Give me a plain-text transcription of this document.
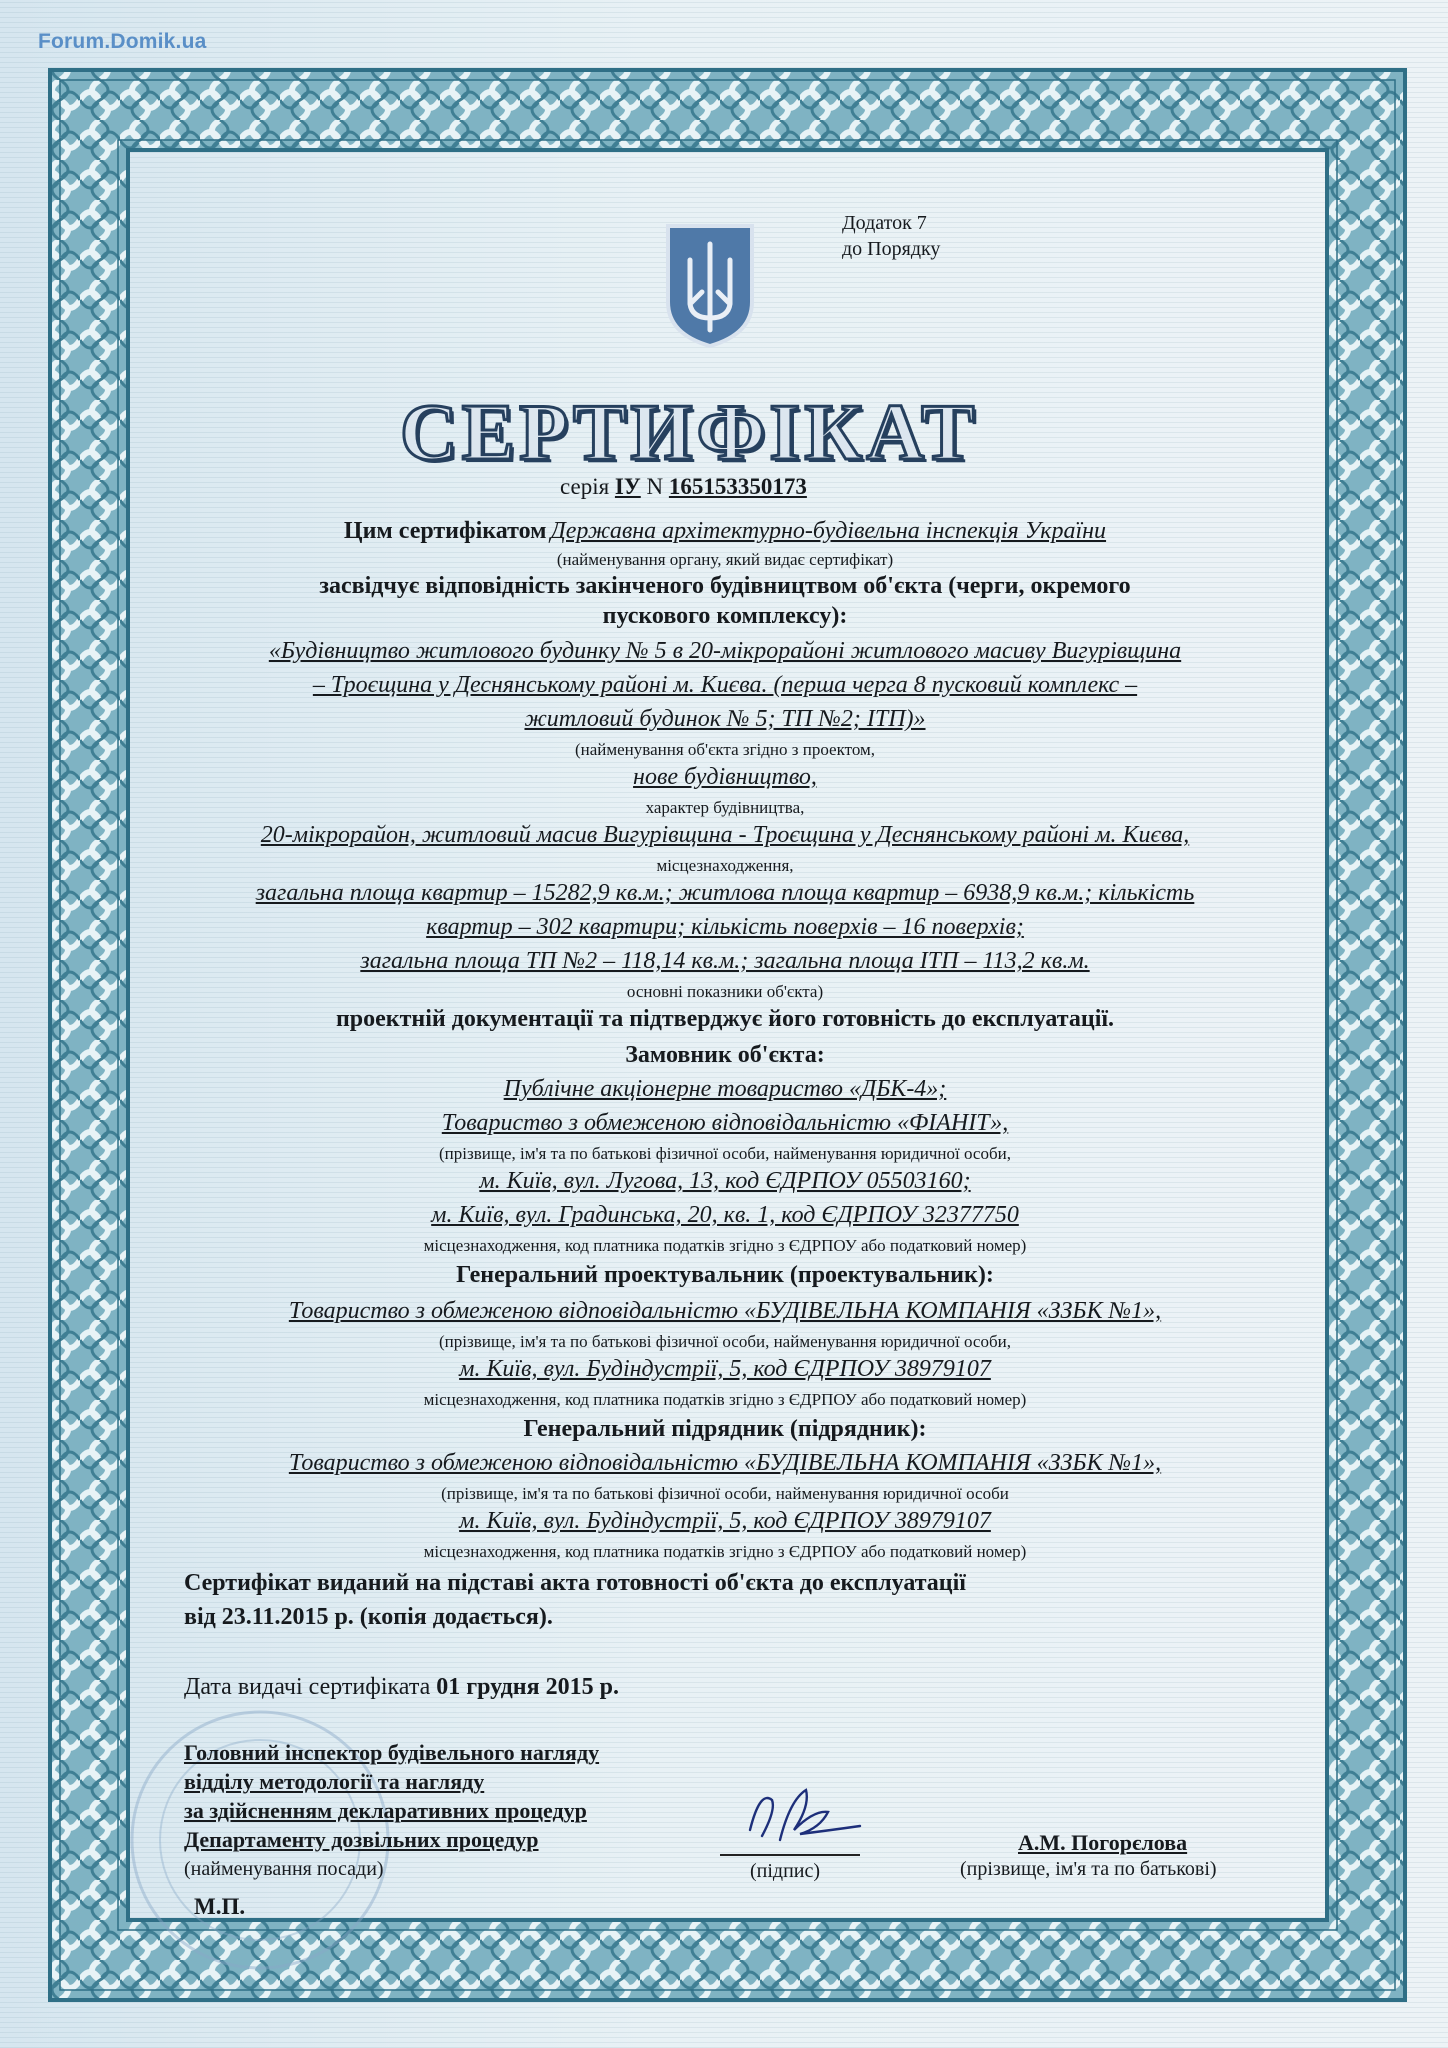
Forum.Domik.ua
Додаток 7
до Порядку
СЕРТИФІКАТ
серія ІУ N 165153350173
Цим сертифікатом Державна архітектурно-будівельна інспекція України
(найменування органу, який видає сертифікат)
засвідчує відповідність закінченого будівництвом об'єкта (черги, окремого
пускового комплексу):
«Будівництво житлового будинку № 5 в 20-мікрорайоні житлового масиву Вигурівщина
– Троєщина у Деснянському районі м. Києва. (перша черга 8 пусковий комплекс –
житловий будинок № 5; ТП №2; ІТП)»
(найменування об'єкта згідно з проектом,
нове будівництво,
характер будівництва,
20-мікрорайон, житловий масив Вигурівщина - Троєщина у Деснянському районі м. Києва,
місцезнаходження,
загальна площа квартир – 15282,9 кв.м.; житлова площа квартир – 6938,9 кв.м.; кількість
квартир – 302 квартири; кількість поверхів – 16 поверхів;
загальна площа ТП №2 – 118,14 кв.м.; загальна площа ІТП – 113,2 кв.м.
основні показники об'єкта)
проектній документації та підтверджує його готовність до експлуатації.
Замовник об'єкта:
Публічне акціонерне товариство «ДБК-4»;
Товариство з обмеженою відповідальністю «ФІАНІТ»,
(прізвище, ім'я та по батькові фізичної особи, найменування юридичної особи,
м. Київ, вул. Лугова, 13, код ЄДРПОУ 05503160;
м. Київ, вул. Градинська, 20, кв. 1, код ЄДРПОУ 32377750
місцезнаходження, код платника податків згідно з ЄДРПОУ або податковий номер)
Генеральний проектувальник (проектувальник):
Товариство з обмеженою відповідальністю «БУДІВЕЛЬНА КОМПАНІЯ «ЗЗБК №1»,
(прізвище, ім'я та по батькові фізичної особи, найменування юридичної особи,
м. Київ, вул. Будіндустрії, 5, код ЄДРПОУ 38979107
місцезнаходження, код платника податків згідно з ЄДРПОУ або податковий номер)
Генеральний підрядник (підрядник):
Товариство з обмеженою відповідальністю «БУДІВЕЛЬНА КОМПАНІЯ «ЗЗБК №1»,
(прізвище, ім'я та по батькові фізичної особи, найменування юридичної особи
м. Київ, вул. Будіндустрії, 5, код ЄДРПОУ 38979107
місцезнаходження, код платника податків згідно з ЄДРПОУ або податковий номер)
Сертифікат виданий на підставі акта готовності об'єкта до експлуатації
від 23.11.2015 р. (копія додається).
Дата видачі сертифіката 01 грудня 2015 р.
Головний інспектор будівельного нагляду
відділу методології та нагляду
за здійсненням декларативних процедур
Департаменту дозвільних процедур
(найменування посади)
М.П.
(підпис)
А.М. Погорєлова
(прізвище, ім'я та по батькові)
